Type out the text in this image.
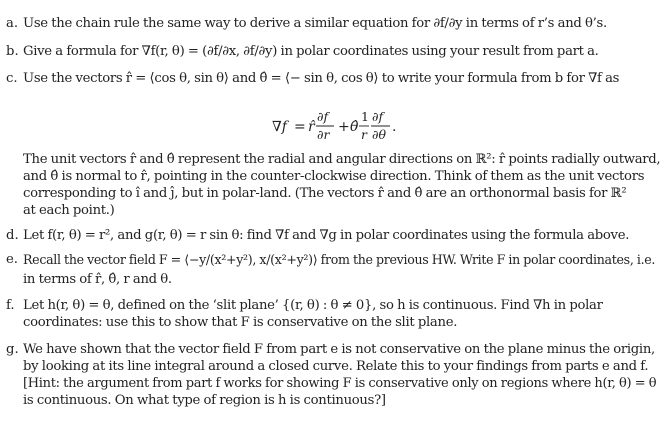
a. Use the chain rule the same way to derive a similar equation for ∂f/∂y in terms of r’s and θ’s.
b. Give a formula for ∇f(r, θ) = (∂f/∂x, ∂f/∂y) in polar coordinates using your result from part a.
c. Use the vectors r̂ = ⟨cos θ, sin θ⟩ and θ̂ = ⟨− sin θ, cos θ⟩ to write your formula from b for ∇f as
∇f = r̂
∂f
∂r + θ̂
1
r
∂f
∂θ .
The unit vectors r̂ and θ̂ represent the radial and angular directions on ℝ²: r̂ points radially outward,
and θ̂ is normal to r̂, pointing in the counter-clockwise direction. Think of them as the unit vectors
corresponding to î and ĵ, but in polar-land. (The vectors r̂ and θ̂ are an orthonormal basis for ℝ²
at each point.)
d. Let f(r, θ) = r², and g(r, θ) = r sin θ: find ∇f and ∇g in polar coordinates using the formula above.
e. Recall the vector field F = ⟨−y/(x²+y²), x/(x²+y²)⟩ from the previous HW. Write F in polar coordinates, i.e.
in terms of r̂, θ̂, r and θ.
f. Let h(r, θ) = θ, defined on the ‘slit plane’ {(r, θ) : θ ≠ 0}, so h is continuous. Find ∇h in polar
coordinates: use this to show that F is conservative on the slit plane.
g. We have shown that the vector field F from part e is not conservative on the plane minus the origin,
by looking at its line integral around a closed curve. Relate this to your findings from parts e and f.
[Hint: the argument from part f works for showing F is conservative only on regions where h(r, θ) = θ
is continuous. On what type of region is h is continuous?]
